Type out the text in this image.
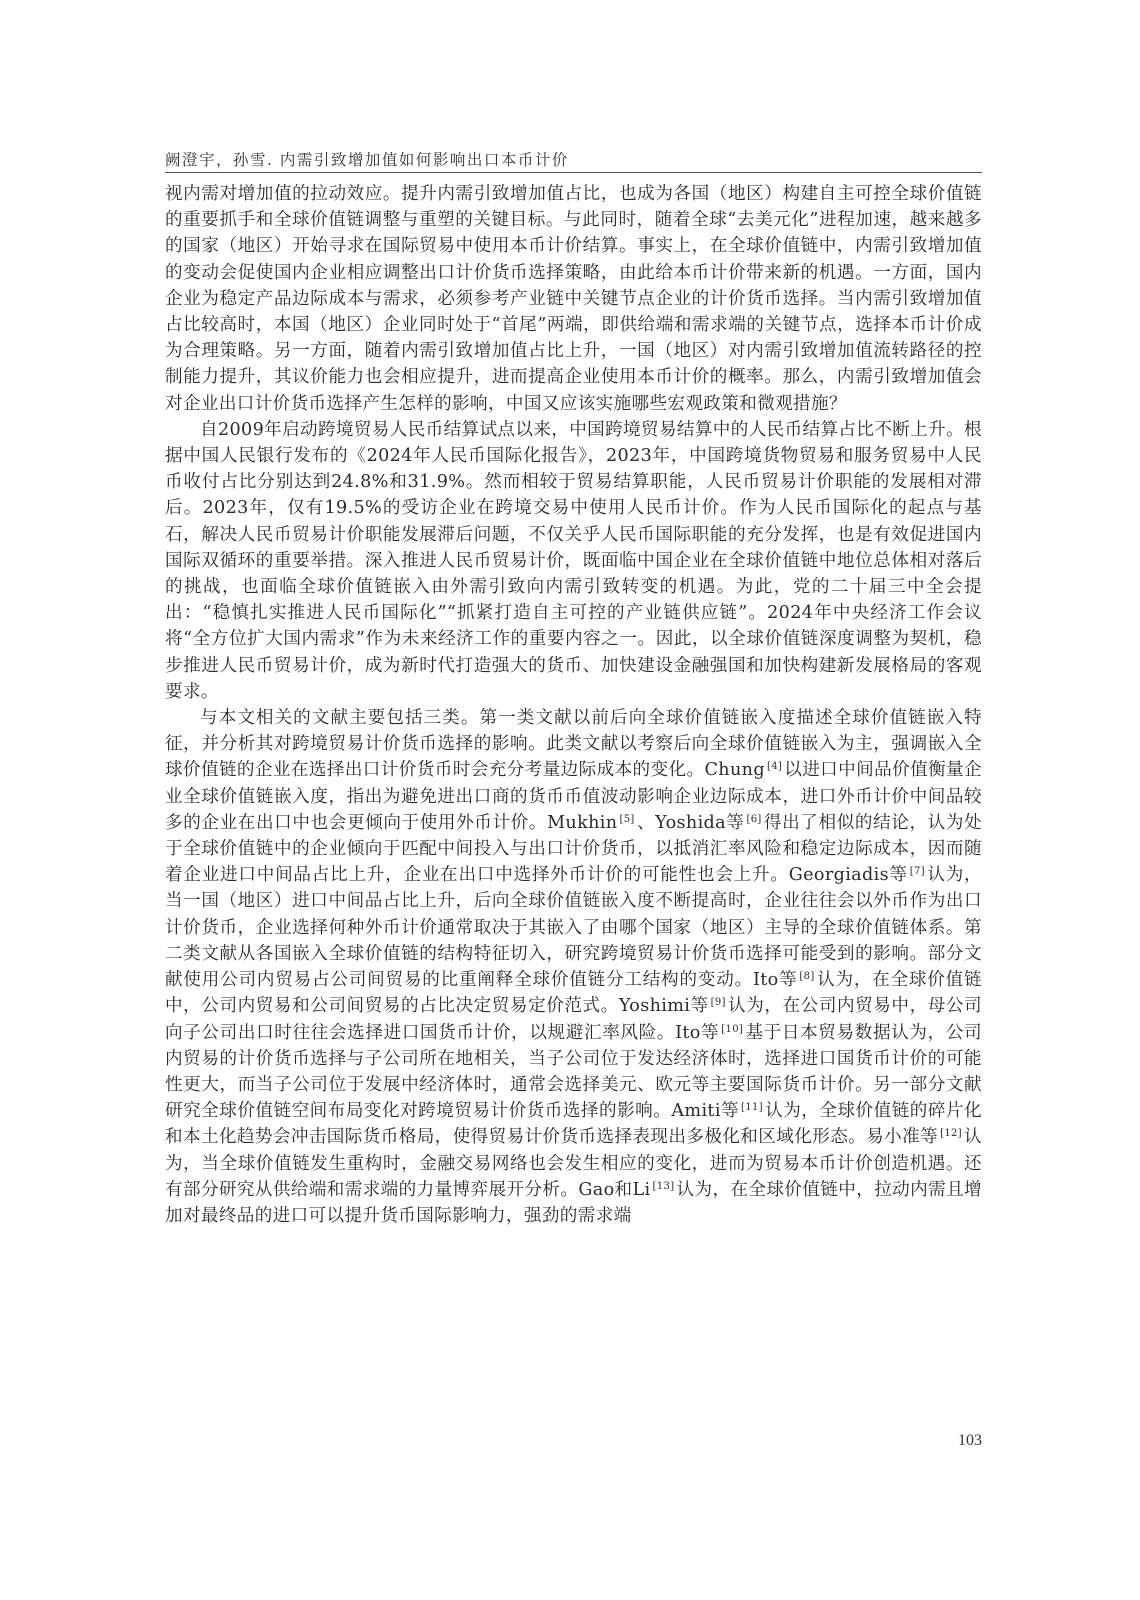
阙澄宇，孙雪. 内需引致增加值如何影响出口本币计价

视内需对增加值的拉动效应。提升内需引致增加值占比，也成为各国（地区）构建自主可控全球价值链的重要抓手和全球价值链调整与重塑的关键目标。与此同时，随着全球“去美元化”进程加速，越来越多的国家（地区）开始寻求在国际贸易中使用本币计价结算。事实上，在全球价值链中，内需引致增加值的变动会促使国内企业相应调整出口计价货币选择策略，由此给本币计价带来新的机遇。一方面，国内企业为稳定产品边际成本与需求，必须参考产业链中关键节点企业的计价货币选择。当内需引致增加值占比较高时，本国（地区）企业同时处于“首尾”两端，即供给端和需求端的关键节点，选择本币计价成为合理策略。另一方面，随着内需引致增加值占比上升，一国（地区）对内需引致增加值流转路径的控制能力提升，其议价能力也会相应提升，进而提高企业使用本币计价的概率。那么，内需引致增加值会对企业出口计价货币选择产生怎样的影响，中国又应该实施哪些宏观政策和微观措施？

自2009年启动跨境贸易人民币结算试点以来，中国跨境贸易结算中的人民币结算占比不断上升。根据中国人民银行发布的《2024年人民币国际化报告》，2023年，中国跨境货物贸易和服务贸易中人民币收付占比分别达到24.8%和31.9%。然而相较于贸易结算职能，人民币贸易计价职能的发展相对滞后。2023年，仅有19.5%的受访企业在跨境交易中使用人民币计价。作为人民币国际化的起点与基石，解决人民币贸易计价职能发展滞后问题，不仅关乎人民币国际职能的充分发挥，也是有效促进国内国际双循环的重要举措。深入推进人民币贸易计价，既面临中国企业在全球价值链中地位总体相对落后的挑战，也面临全球价值链嵌入由外需引致向内需引致转变的机遇。为此，党的二十届三中全会提出：“稳慎扎实推进人民币国际化”“抓紧打造自主可控的产业链供应链”。2024年中央经济工作会议将“全方位扩大国内需求”作为未来经济工作的重要内容之一。因此，以全球价值链深度调整为契机，稳步推进人民币贸易计价，成为新时代打造强大的货币、加快建设金融强国和加快构建新发展格局的客观要求。

与本文相关的文献主要包括三类。第一类文献以前后向全球价值链嵌入度描述全球价值链嵌入特征，并分析其对跨境贸易计价货币选择的影响。此类文献以考察后向全球价值链嵌入为主，强调嵌入全球价值链的企业在选择出口计价货币时会充分考量边际成本的变化。Chung [4] 以进口中间品价值衡量企业全球价值链嵌入度，指出为避免进出口商的货币币值波动影响企业边际成本，进口外币计价中间品较多的企业在出口中也会更倾向于使用外币计价。Mukhin [5] 、Yoshida等 [6] 得出了相似的结论，认为处于全球价值链中的企业倾向于匹配中间投入与出口计价货币，以抵消汇率风险和稳定边际成本，因而随着企业进口中间品占比上升，企业在出口中选择外币计价的可能性也会上升。Georgiadis等 [7] 认为，当一国（地区）进口中间品占比上升，后向全球价值链嵌入度不断提高时，企业往往会以外币作为出口计价货币，企业选择何种外币计价通常取决于其嵌入了由哪个国家（地区）主导的全球价值链体系。第二类文献从各国嵌入全球价值链的结构特征切入，研究跨境贸易计价货币选择可能受到的影响。部分文献使用公司内贸易占公司间贸易的比重阐释全球价值链分工结构的变动。Ito等 [8] 认为，在全球价值链中，公司内贸易和公司间贸易的占比决定贸易定价范式。Yoshimi等 [9] 认为，在公司内贸易中，母公司向子公司出口时往往会选择进口国货币计价，以规避汇率风险。Ito等 [10] 基于日本贸易数据认为，公司内贸易的计价货币选择与子公司所在地相关，当子公司位于发达经济体时，选择进口国货币计价的可能性更大，而当子公司位于发展中经济体时，通常会选择美元、欧元等主要国际货币计价。另一部分文献研究全球价值链空间布局变化对跨境贸易计价货币选择的影响。Amiti等 [11] 认为，全球价值链的碎片化和本土化趋势会冲击国际货币格局，使得贸易计价货币选择表现出多极化和区域化形态。易小准等 [12] 认为，当全球价值链发生重构时，金融交易网络也会发生相应的变化，进而为贸易本币计价创造机遇。还有部分研究从供给端和需求端的力量博弈展开分析。Gao和Li [13] 认为，在全球价值链中，拉动内需且增加对最终品的进口可以提升货币国际影响力，强劲的需求端

103
